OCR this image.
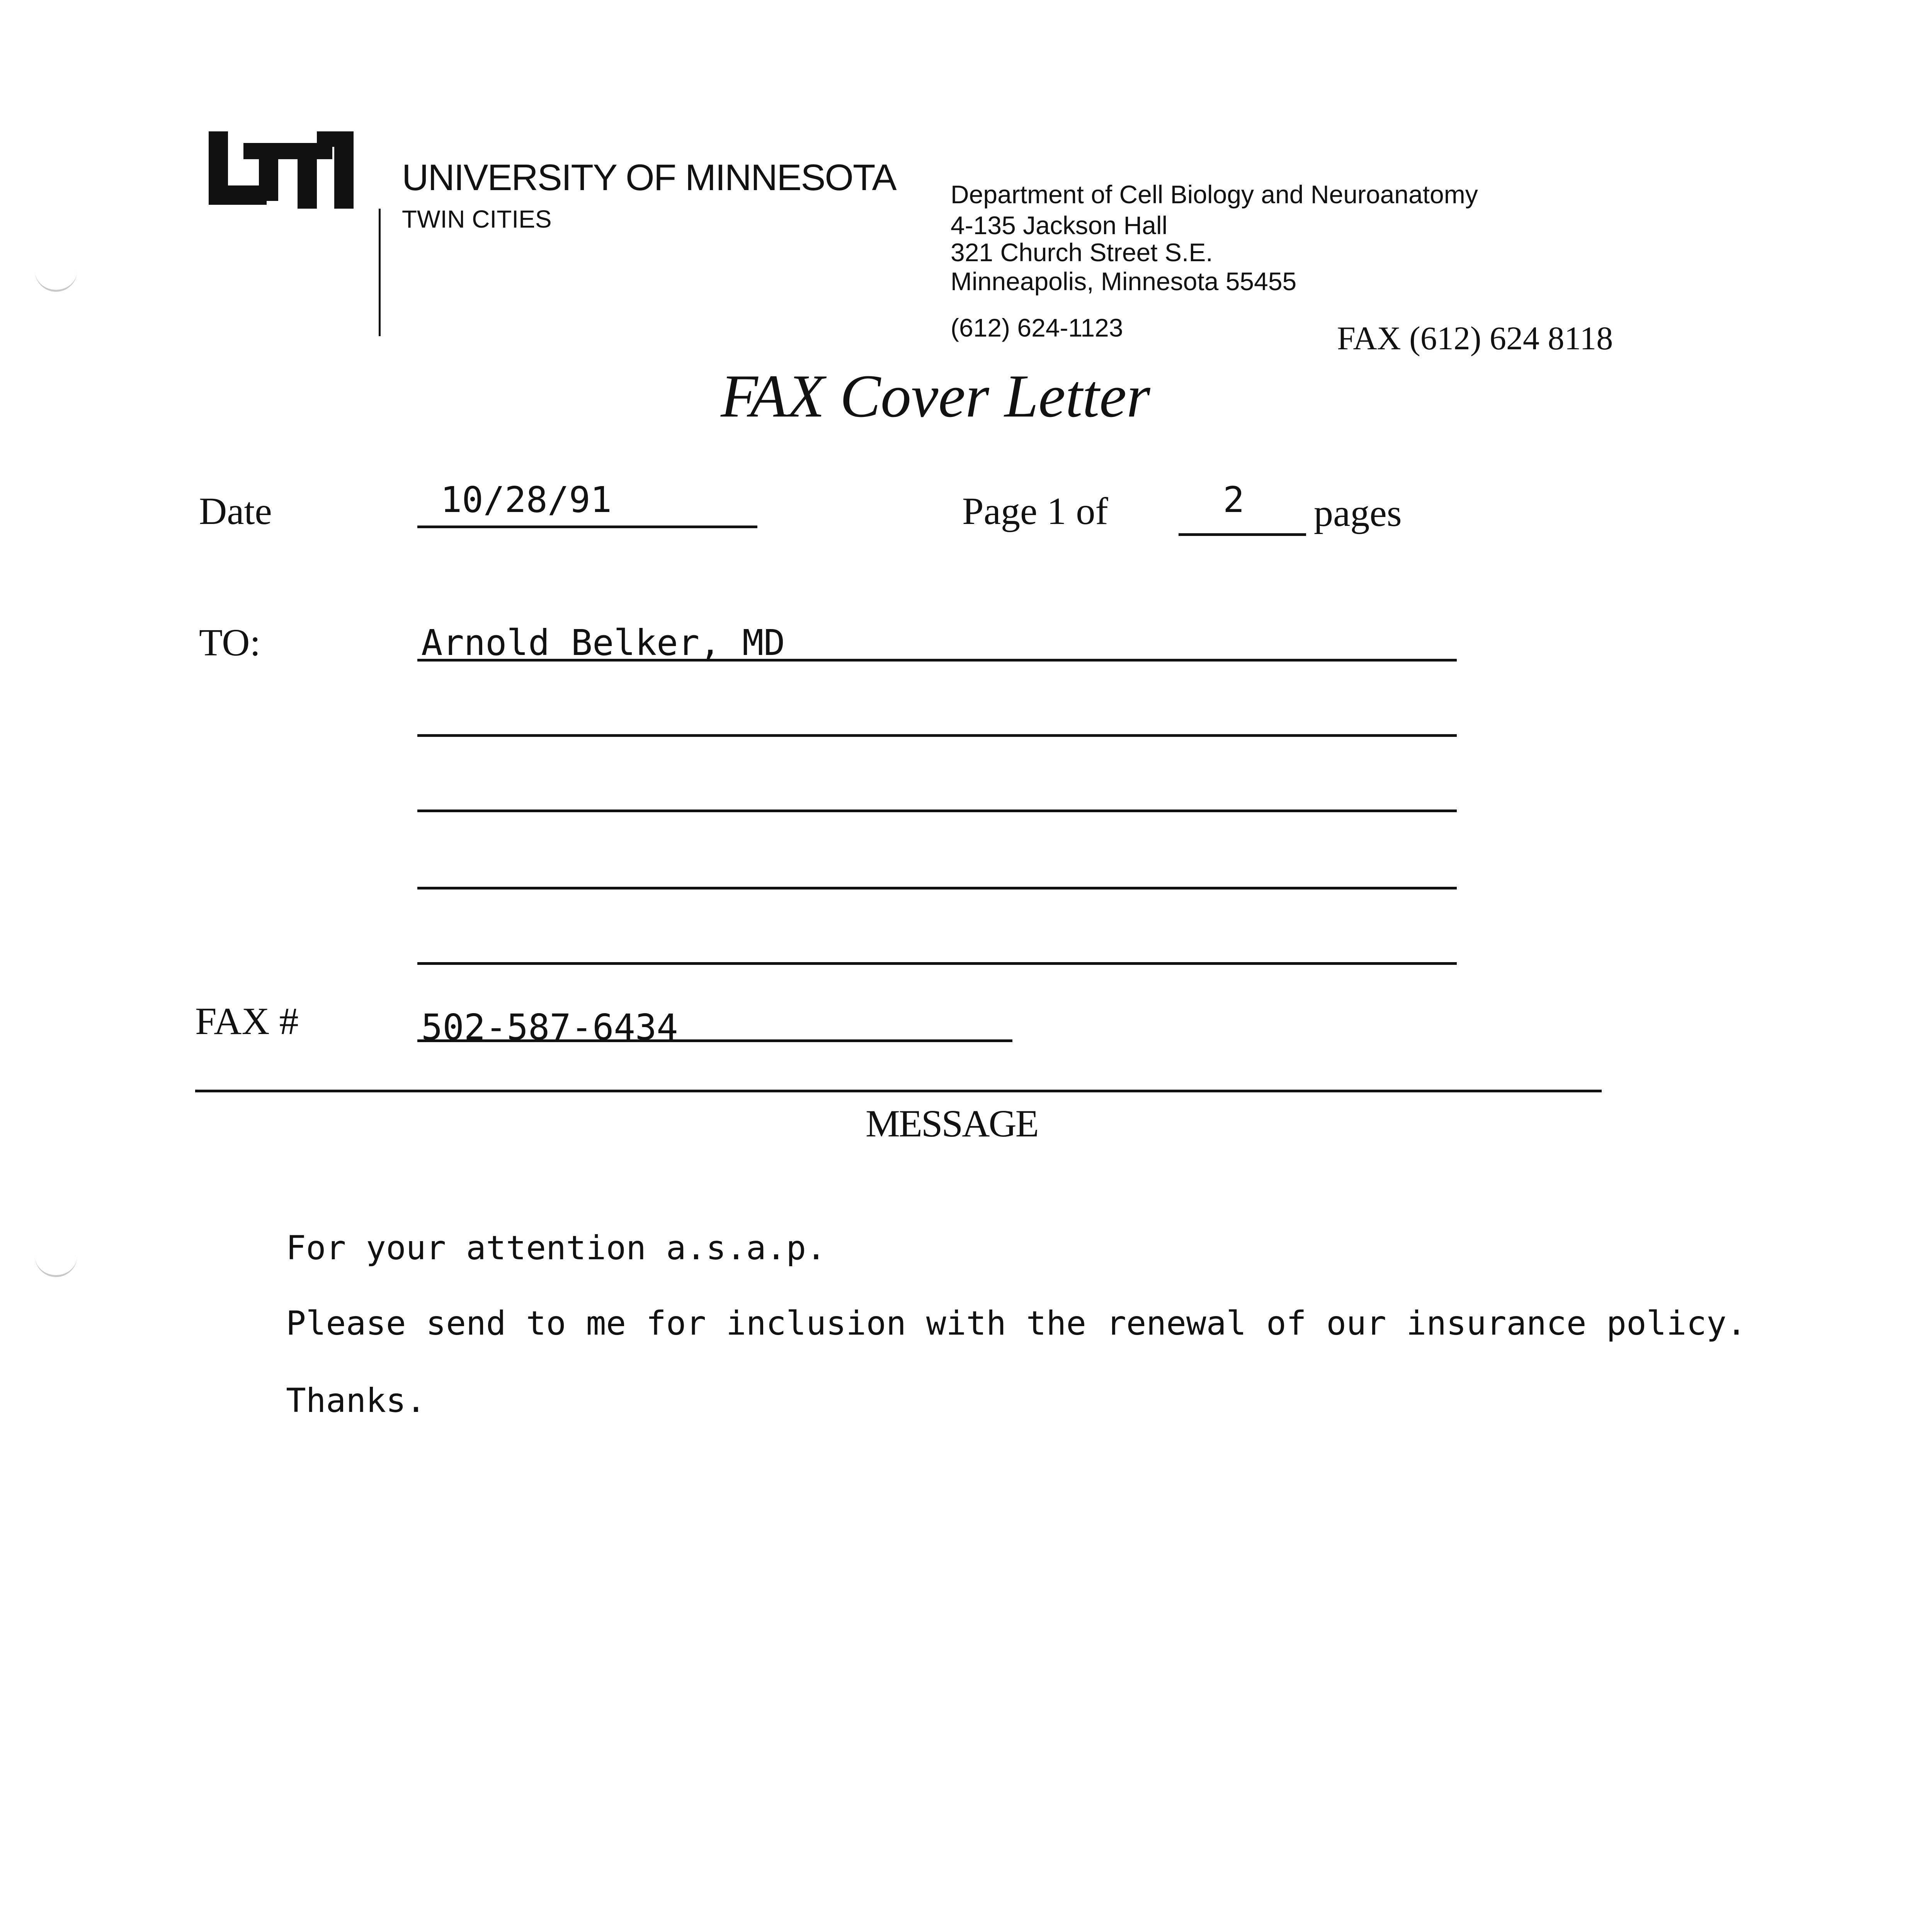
UNIVERSITY OF MINNESOTA
TWIN CITIES
Department of Cell Biology and Neuroanatomy
4-135 Jackson Hall
321 Church Street S.E.
Minneapolis, Minnesota 55455
(612) 624-1123	FAX (612) 624 8118
FAX Cover Letter
Date	10/28/91	Page 1 of	2 pages
TO:	Arnold Belker, MD
FAX #	502-587-6434
MESSAGE
For your attention a.s.a.p.
Please send to me for inclusion with the renewal of our insurance policy.
Thanks.
